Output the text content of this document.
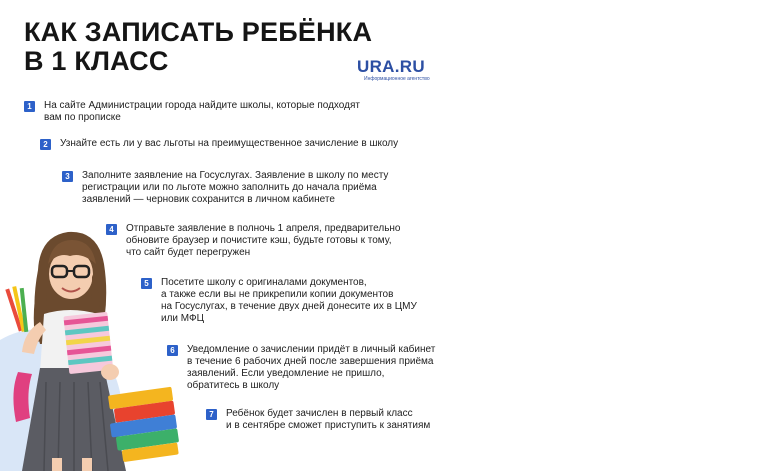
КАК ЗАПИСАТЬ РЕБЁНКА
В 1 КЛАСС	URA.RU
Информационное агентство
1	На сайте Администрации города найдите школы, которые подходят
вам по прописке
2	Узнайте есть ли у вас льготы на преимущественное зачисление в школу
3	Заполните заявление на Госуслугах. Заявление в школу по месту
регистрации или по льготе можно заполнить до начала приёма
заявлений — черновик сохранится в личном кабинете
4	Отправьте заявление в полночь 1 апреля, предварительно
обновите браузер и почистите кэш, будьте готовы к тому,
что сайт будет перегружен
5	Посетите школу с оригиналами документов,
а также если вы не прикрепили копии документов
на Госуслугах, в течение двух дней донесите их в ЦМУ
или МФЦ
6	Уведомление о зачислении придёт в личный кабинет
в течение 6 рабочих дней после завершения приёма
заявлений. Если уведомление не пришло,
обратитесь в школу
7	Ребёнок будет зачислен в первый класс
и в сентябре сможет приступить к занятиям
